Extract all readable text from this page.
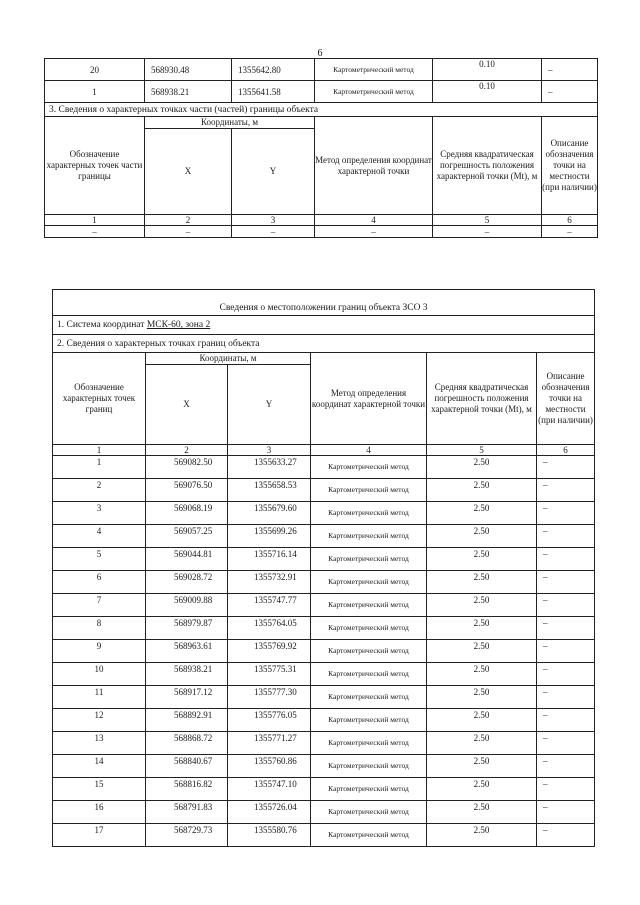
6
20	568930.48	1355642.80	Картометрический метод	0.10	–
1	568938.21	1355641.58	Картометрический метод	0.10	–
3. Сведения о характерных точках части (частей) границы объекта					
Обозначение характерных точек части границы	Координаты, м		Метод определения координат характерной точки	Средняя квадратическая погрешность положения характерной точки (Mt), м	Описание обозначения точки на местности (при наличии)
	X	Y			
1	2	3	4	5	6
–	–	–	–	–	–
Сведения о местоположении границ объекта ЗСО 3					
1. Система координат МСК-60, зона 2					
2. Сведения о характерных точках границ объекта					
Обозначение характерных точек границ	Координаты, м		Метод определения координат характерной точки	Средняя квадратическая погрешность положения характерной точки (Mt), м	Описание обозначения точки на местности (при наличии)
	X	Y			
1	2	3	4	5	6
1	569082.50	1355633.27	Картометрический метод	2.50	–
2	569076.50	1355658.53	Картометрический метод	2.50	–
3	569068.19	1355679.60	Картометрический метод	2.50	–
4	569057.25	1355699.26	Картометрический метод	2.50	–
5	569044.81	1355716.14	Картометрический метод	2.50	–
6	569028.72	1355732.91	Картометрический метод	2.50	–
7	569009.88	1355747.77	Картометрический метод	2.50	–
8	568979.87	1355764.05	Картометрический метод	2.50	–
9	568963.61	1355769.92	Картометрический метод	2.50	–
10	568938.21	1355775.31	Картометрический метод	2.50	–
11	568917.12	1355777.30	Картометрический метод	2.50	–
12	568892.91	1355776.05	Картометрический метод	2.50	–
13	568868.72	1355771.27	Картометрический метод	2.50	–
14	568840.67	1355760.86	Картометрический метод	2.50	–
15	568816.82	1355747.10	Картометрический метод	2.50	–
16	568791.83	1355726.04	Картометрический метод	2.50	–
17	568729.73	1355580.76	Картометрический метод	2.50	–
